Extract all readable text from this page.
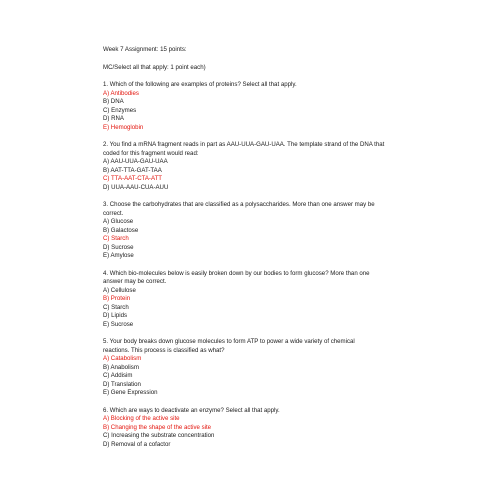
Week 7 Assignment: 15 points:
MC/Select all that apply: 1 point each)
1. Which of the following are examples of proteins? Select all that apply.
A) Antibodies
B) DNA
C) Enzymes
D) RNA
E) Hemoglobin
2. You find a mRNA fragment reads in part as AAU-UUA-GAU-UAA. The template strand of the DNA that
coded for this fragment would read:
A) AAU-UUA-GAU-UAA
B) AAT-TTA-GAT-TAA
C) TTA-AAT-CTA-ATT
D) UUA-AAU-CUA-AUU
3. Choose the carbohydrates that are classified as a polysaccharides. More than one answer may be
correct.
A) Glucose
B) Galactose
C) Starch
D) Sucrose
E) Amylose
4. Which bio-molecules below is easily broken down by our bodies to form glucose? More than one
answer may be correct.
A) Cellulose
B) Protein
C) Starch
D) Lipids
E) Sucrose
5. Your body breaks down glucose molecules to form ATP to power a wide variety of chemical
reactions. This process is classified as what?
A) Catabolism
B) Anabolism
C) Addisim
D) Translation
E) Gene Expression
6. Which are ways to deactivate an enzyme? Select all that apply.
A) Blocking of the active site
B) Changing the shape of the active site
C) Increasing the substrate concentration
D) Removal of a cofactor
